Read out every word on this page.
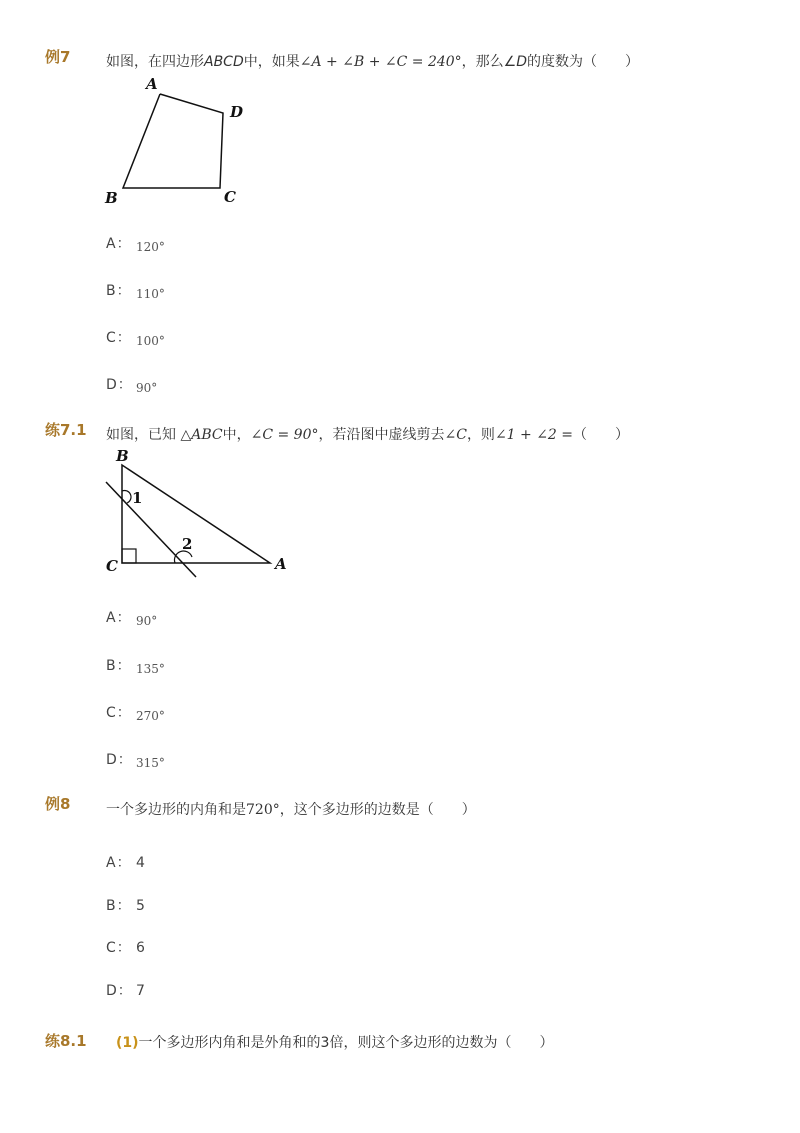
例7	如图，在四边形ABCD中，如果∠A + ∠B + ∠C = 240°，那么∠D的度数为（　　）
A
D
B	C
A： 120°
B： 110°
C： 100°
D： 90°
练7.1 如图，已知 △ABC中，∠C = 90°，若沿图中虚线剪去∠C，则∠1 + ∠2 =（　　）
B
1
2
C	A
A： 90°
B： 135°
C： 270°
D： 315°
例8	一个多边形的内角和是720°，这个多边形的边数是（　　）
A： 4
B： 5
C： 6
D： 7
练8.1 (1)一个多边形内角和是外角和的3倍，则这个多边形的边数为（　　）
